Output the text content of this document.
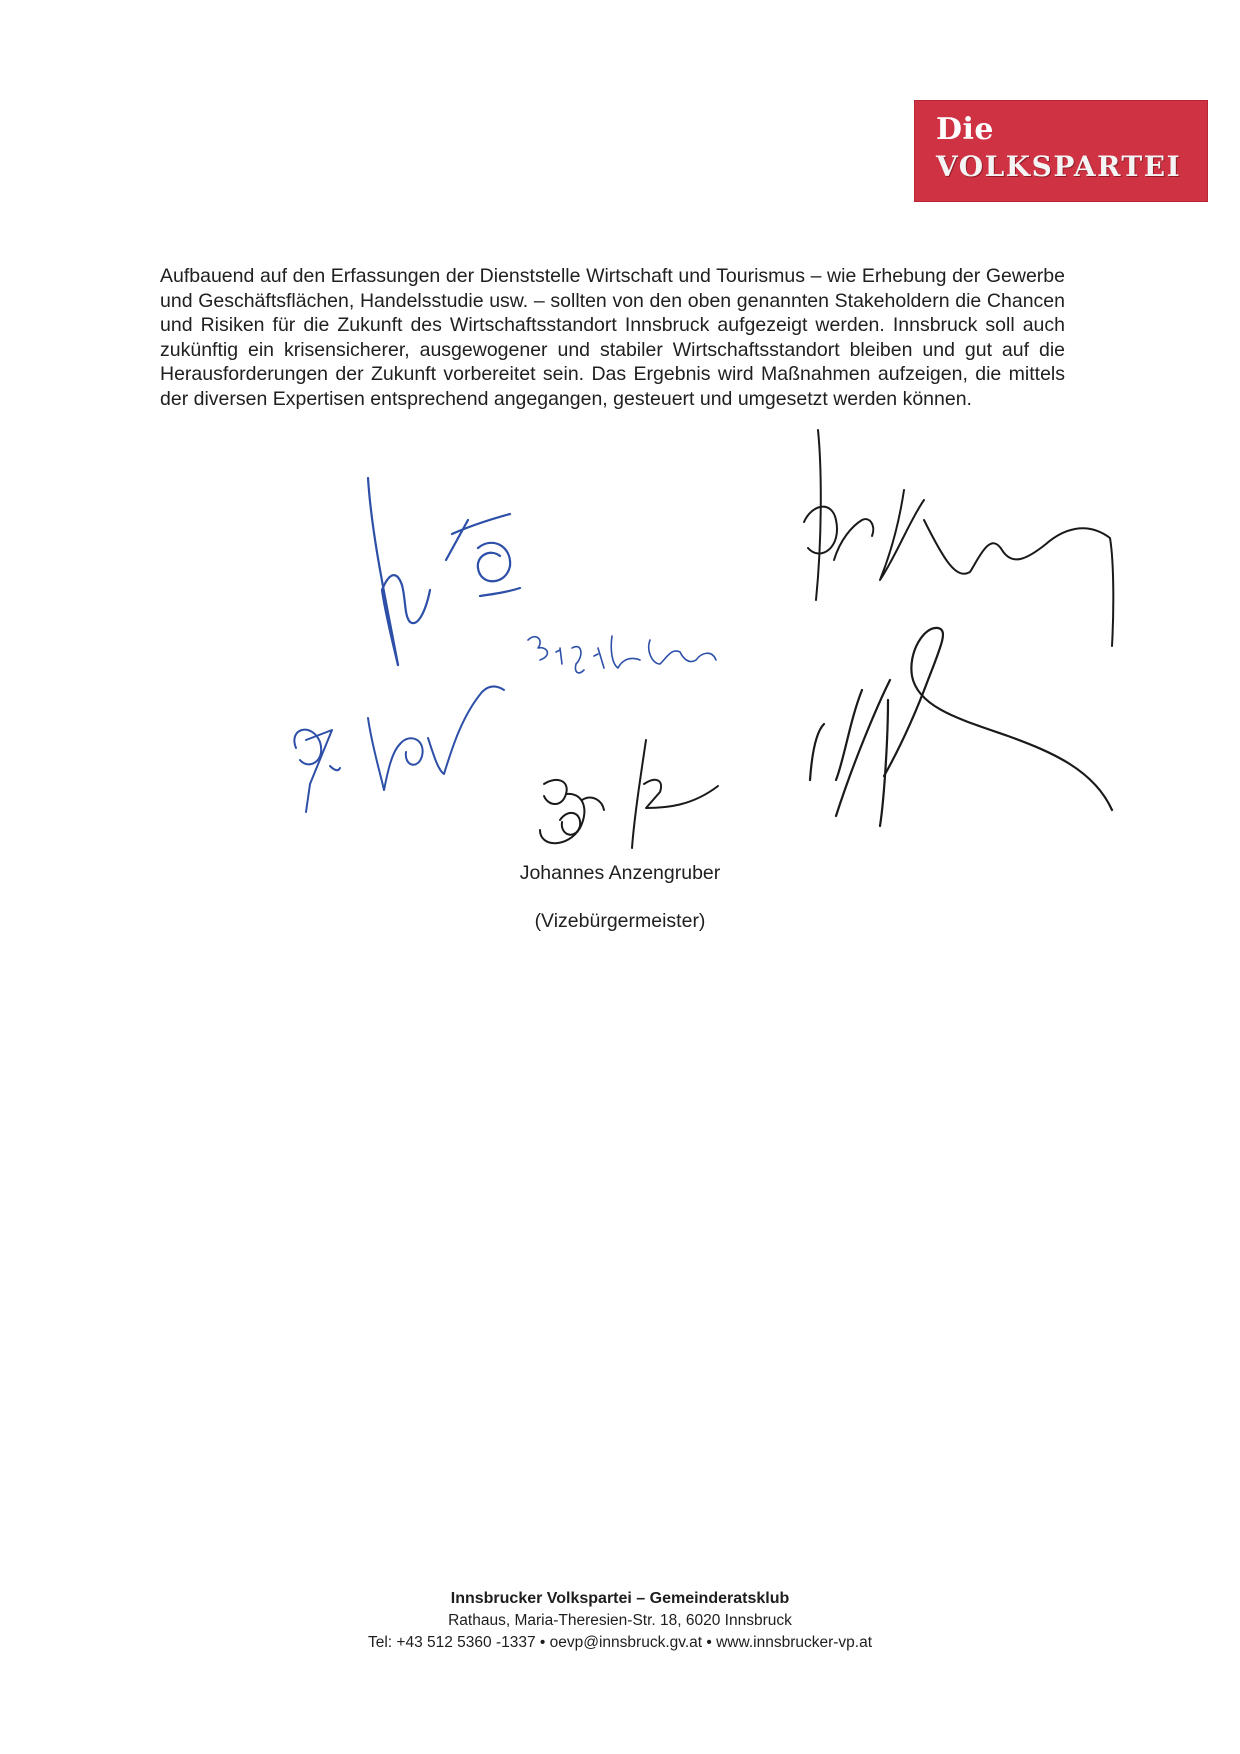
Die
VOLKSPARTEI
Aufbauend auf den Erfassungen der Dienststelle Wirtschaft und Tourismus – wie Erhebung der Gewerbe und Geschäftsflächen, Handelsstudie usw. – sollten von den oben genannten Stakeholdern die Chancen und Risiken für die Zukunft des Wirtschaftsstandort Innsbruck aufgezeigt werden. Innsbruck soll auch zukünftig ein krisensicherer, ausgewogener und stabiler Wirtschaftsstandort bleiben und gut auf die Herausforderungen der Zukunft vorbereitet sein. Das Ergebnis wird Maßnahmen aufzeigen, die mittels der diversen Expertisen entsprechend angegangen, gesteuert und umgesetzt werden können.
Johannes Anzengruber
(Vizebürgermeister)
Innsbrucker Volkspartei – Gemeinderatsklub
Rathaus, Maria-Theresien-Str. 18, 6020 Innsbruck
Tel: +43 512 5360 -1337 • oevp@innsbruck.gv.at • www.innsbrucker-vp.at
